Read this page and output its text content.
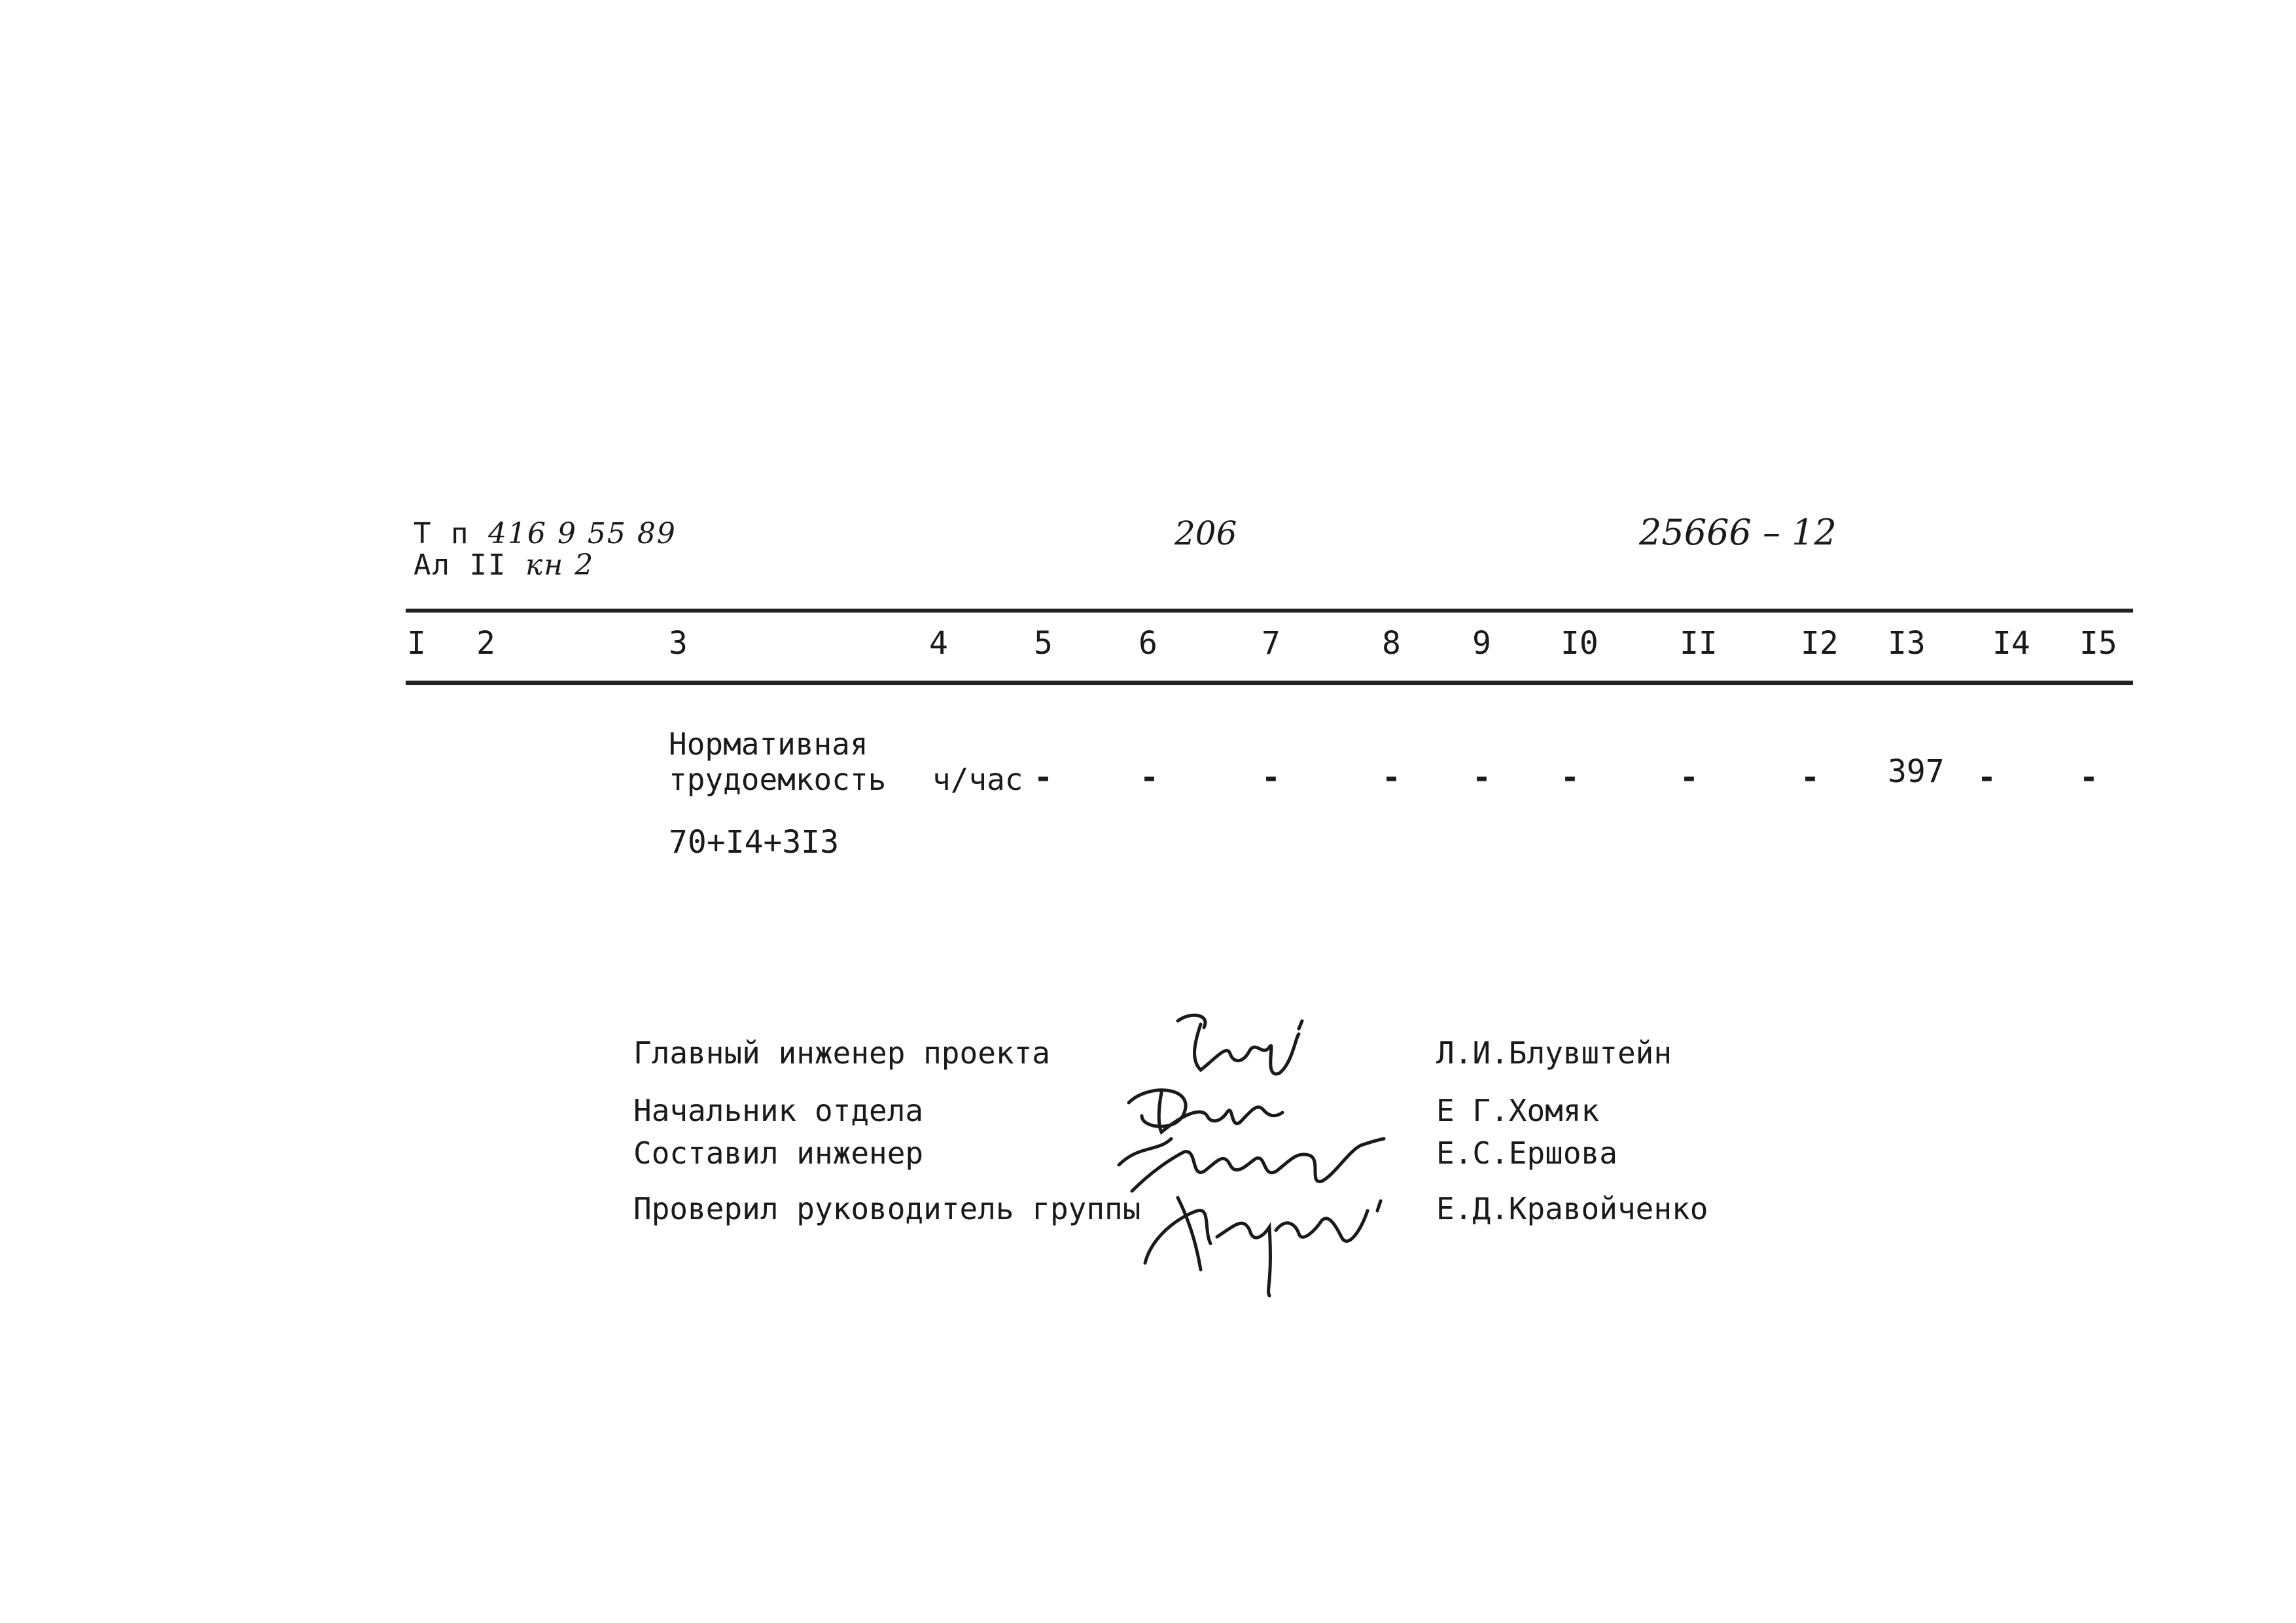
Т п 416 9 55 89
Ал II кн 2
206	25666 – 12
I 2	3	4	5	6	7	8 9 I0	II	I2 I3 I4 I5
Нормативная
трудоемкость ч/час -	-	-	- - -	-	- 397 -	-
70+I4+3I3
Главный инженер проекта	Л.И.Блувштейн
Начальник отдела	Е Г.Хомяк
Составил инженер	Е.С.Ершова
Проверил руководитель группы	Е.Д.Кравойченко
